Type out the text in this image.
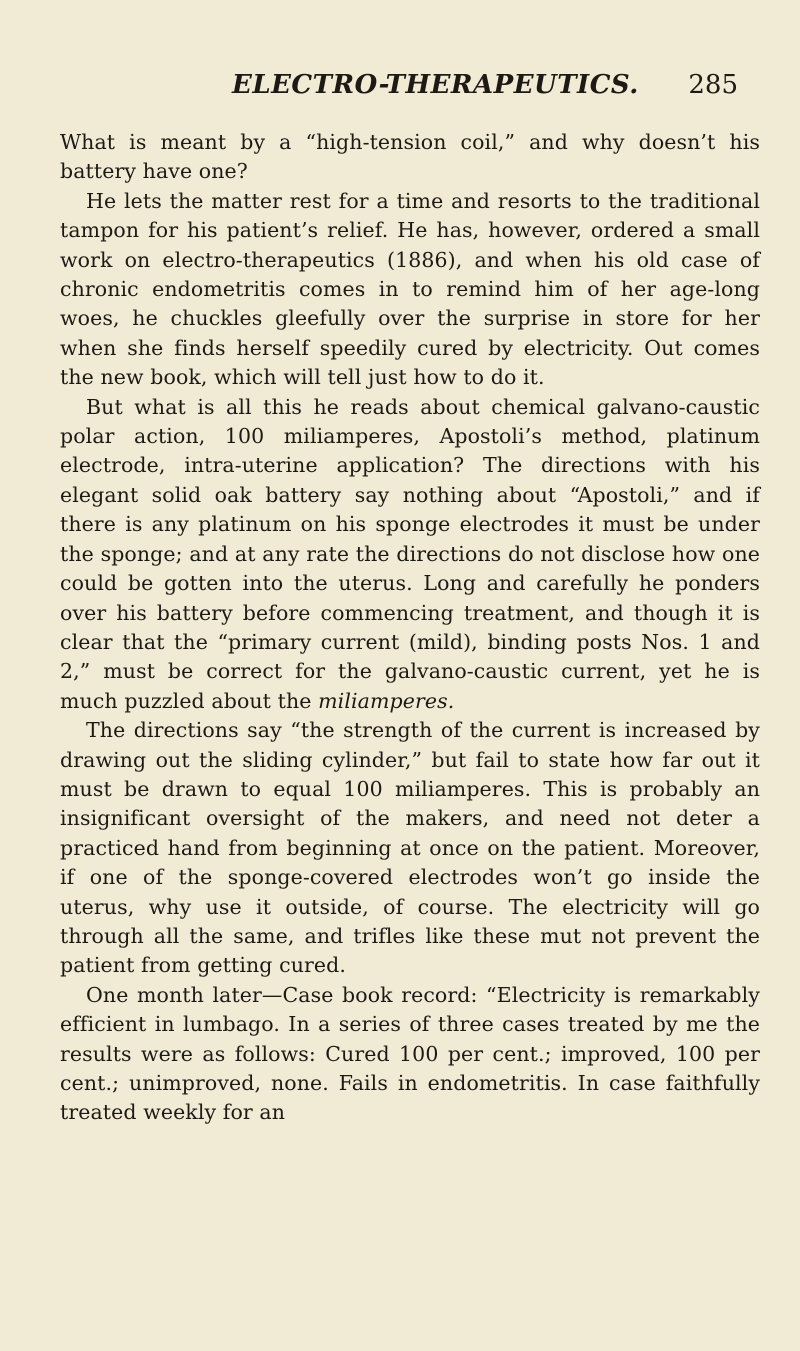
ELECTRO-THERAPEUTICS. 285

What is meant by a “high-tension coil,” and why doesn’t his battery have one?

He lets the matter rest for a time and resorts to the traditional tampon for his patient’s relief. He has, however, ordered a small work on electro-therapeutics (1886), and when his old case of chronic endometritis comes in to remind him of her age-long woes, he chuckles gleefully over the surprise in store for her when she finds herself speedily cured by electricity. Out comes the new book, which will tell just how to do it.

But what is all this he reads about chemical galvano-caustic polar action, 100 miliamperes, Apostoli’s method, platinum electrode, intra-uterine application? The directions with his elegant solid oak battery say nothing about “Apostoli,” and if there is any platinum on his sponge electrodes it must be under the sponge; and at any rate the directions do not disclose how one could be gotten into the uterus. Long and carefully he ponders over his battery before commencing treatment, and though it is clear that the “primary current (mild), binding posts Nos. 1 and 2,” must be correct for the galvano-caustic current, yet he is much puzzled about the miliamperes.

The directions say “the strength of the current is increased by drawing out the sliding cylinder,” but fail to state how far out it must be drawn to equal 100 miliamperes. This is probably an insignificant oversight of the makers, and need not deter a practiced hand from beginning at once on the patient. Moreover, if one of the sponge-covered electrodes won’t go inside the uterus, why use it outside, of course. The electricity will go through all the same, and trifles like these mut not prevent the patient from getting cured.

One month later—Case book record: “Electricity is remarkably efficient in lumbago. In a series of three cases treated by me the results were as follows: Cured 100 per cent.; improved, 100 per cent.; unimproved, none. Fails in endometritis. In case faithfully treated weekly for an
